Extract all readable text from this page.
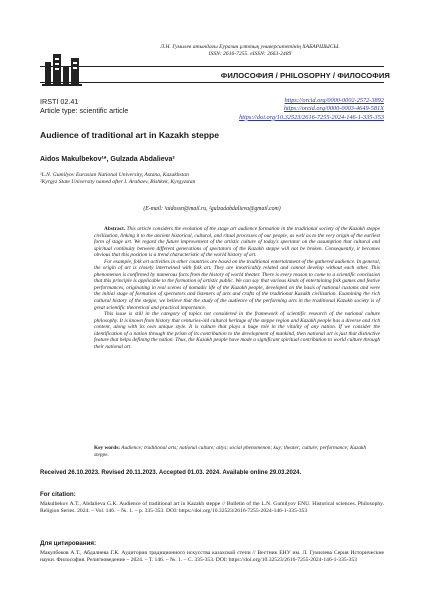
Л.Н. Гумилев атындағы Еуразия ұлттық университетінің ХАБАРШЫСЫ.
ISSN: 2616-7255. eISSN: 2663-2489
ФИЛОСОФИЯ / PHILOSOPHY / ФИЛОСОФИЯ
IRSTI 02.41
Article type: scientific article
https://orcid.org/0000-0002-2572-3892
https://orcid.org/0000-0003-4649-581X
https://doi.org/10.32523/2616-7255-2024-146-1-335-353
Audience of traditional art in Kazakh steppe
Aidos Makulbekov¹*, Gulzada Abdalieva²
¹L.N. Gumilyov Eurasian National University, Astana, Kazakhstan
²Kyrgyz State University named after I. Arabaev, Bishkek, Kyrgyzstan
(E-mail: ¹aidossn@mail.ru, ²gulzadabdalieva@gmail.com)

Abstract. This article considers the evolution of the stage art audience formation in the traditional society of the Kazakh steppe civilization, linking it to the ancient historical, cultural, and ritual processes of our people, as well as to the very origin of the earliest form of stage art. We regard the future improvement of the artistic culture of today's spectator on the assumption that cultural and spiritual continuity between different generations of spectators of the Kazakh steppe will not be broken. Consequently, it becomes obvious that this position is a trend characteristic of the world history of art.

For example, folk art activities in other countries are based on the traditional entertainment of the gathered audience. In general, the origin of art is closely intertwined with folk art. They are inextricably related and cannot develop without each other. This phenomenon is confirmed by numerous facts from the history of world theater. There is every reason to come to a scientific conclusion that this principle is applicable to the formation of artistic public. We can say that various kinds of entertaining folk games and festive performances, originating in real scenes of nomadic life of the Kazakh people, developed on the basis of national customs and were the initial stage of formation of spectators and listeners of arts and crafts of the traditional Kazakh civilization. Examining the rich cultural history of the steppe, we believe that the study of the audience of the performing arts in the traditional Kazakh society is of great scientific theoretical and practical importance.

This issue is still in the category of topics not considered in the framework of scientific research of the national culture philosophy. It is known from history that centuries-old cultural heritage of the steppe region and Kazakh people has a diverse and rich content, along with its own unique style. It is culture that plays a huge role in the vitality of any nation. If we consider the identification of a nation through the prism of its contribution to the development of mankind, then national art is just that distinctive feature that helps defining the nation. Thus, the Kazakh people have made a significant spiritual contribution to world culture through their national art.

Key words: Audience; traditional arts; national culture; aitys; social phenomenon; kuy; theater; culture; performance; Kazakh steppe.
Received 26.10.2023. Revised 20.11.2023. Accepted 01.03. 2024. Available online 29.03.2024.
For citation:
Makulbekov A.T., Abdalieva G.K. Audience of traditional art in Kazakh steppe // Bulletin of the L.N. Gumilyov ENU. Historical sciences. Philosophy. Religion Series. 2024. – Vol. 146. – №. 1. – p. 335-353. DOI: https://doi.org/10.32523/2616-7255-2024-146-1-335-353
Для цитирования:
Макулбеков А.Т., Абдалиева Г.К. Аудитория традиционного искусства казахской степи // Вестник ЕНУ им. Л. Гумилева Серия Исторические науки. Философия. Религиоведение – 2024. – Т. 146. – №. 1. – С. 335-353. DOI: https://doi.org/10.32523/2616-7255-2024-146-1-335-353
